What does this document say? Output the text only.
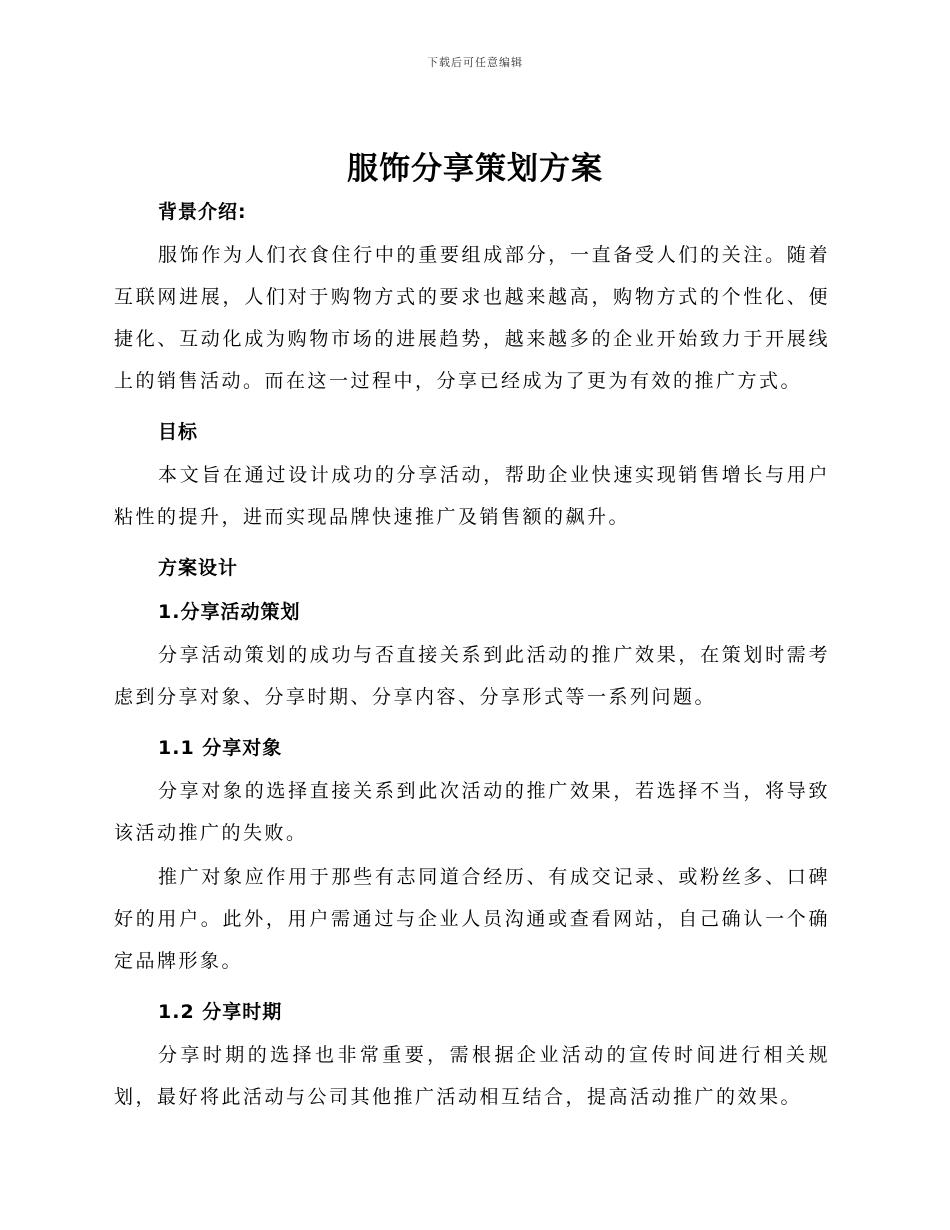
下载后可任意编辑
服饰分享策划方案

背景介绍:

服饰作为人们衣食住行中的重要组成部分，一直备受人们的关注。随着互联网进展，人们对于购物方式的要求也越来越高，购物方式的个性化、便捷化、互动化成为购物市场的进展趋势，越来越多的企业开始致力于开展线上的销售活动。而在这一过程中，分享已经成为了更为有效的推广方式。

目标

本文旨在通过设计成功的分享活动，帮助企业快速实现销售增长与用户粘性的提升，进而实现品牌快速推广及销售额的飙升。

方案设计

1.分享活动策划

分享活动策划的成功与否直接关系到此活动的推广效果，在策划时需考虑到分享对象、分享时期、分享内容、分享形式等一系列问题。

1.1 分享对象

分享对象的选择直接关系到此次活动的推广效果，若选择不当，将导致该活动推广的失败。

推广对象应作用于那些有志同道合经历、有成交记录、或粉丝多、口碑好的用户。此外，用户需通过与企业人员沟通或查看网站，自己确认一个确定品牌形象。

1.2 分享时期

分享时期的选择也非常重要，需根据企业活动的宣传时间进行相关规划，最好将此活动与公司其他推广活动相互结合，提高活动推广的效果。
